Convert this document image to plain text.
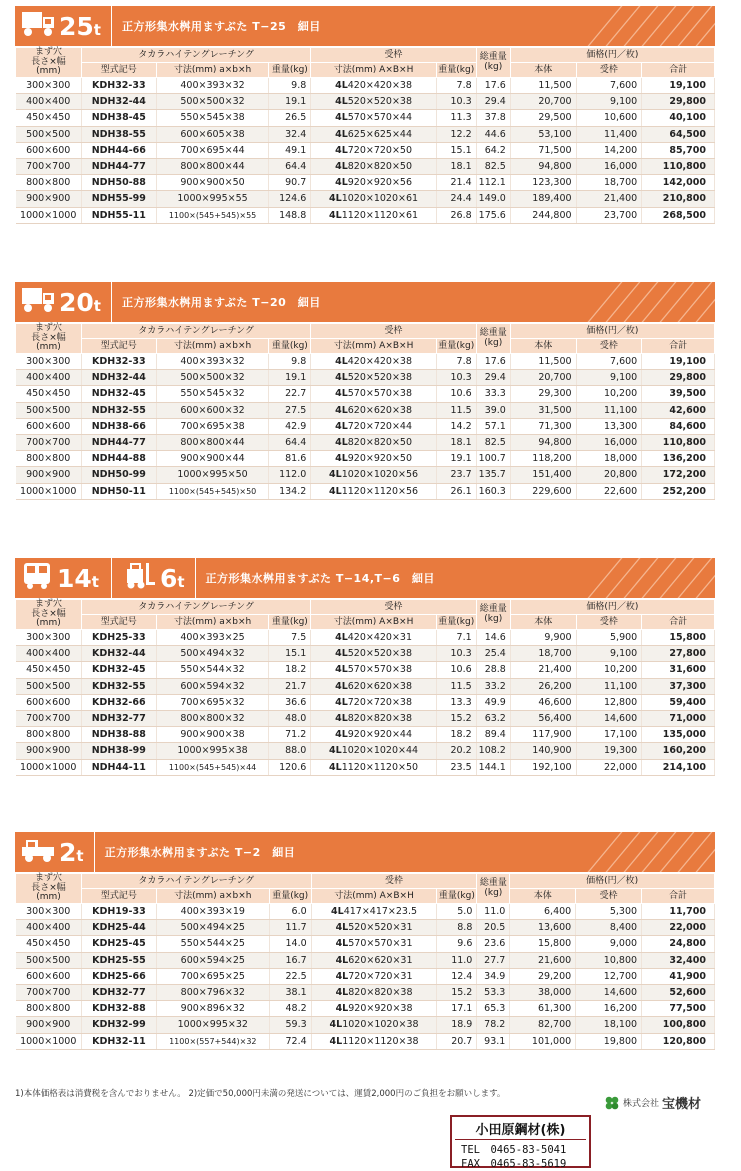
25t 正方形集水桝用ますぶた T−25　細目
まず穴
長さ×幅
(mm)	タカラハイテングレーチング			受枠		総重量
(kg)	価格(円／枚)		
	型式記号	寸法(mm) a×b×h	重量(kg)	寸法(mm) A×B×H	重量(kg)		本体	受枠	合計
300×300	KDH32-33	400×393×32	9.8	4L420×420×38	7.8	17.6	11,500	7,600	19,100
400×400	NDH32-44	500×500×32	19.1	4L520×520×38	10.3	29.4	20,700	9,100	29,800
450×450	NDH38-45	550×545×38	26.5	4L570×570×44	11.3	37.8	29,500	10,600	40,100
500×500	NDH38-55	600×605×38	32.4	4L625×625×44	12.2	44.6	53,100	11,400	64,500
600×600	NDH44-66	700×695×44	49.1	4L720×720×50	15.1	64.2	71,500	14,200	85,700
700×700	NDH44-77	800×800×44	64.4	4L820×820×50	18.1	82.5	94,800	16,000	110,800
800×800	NDH50-88	900×900×50	90.7	4L920×920×56	21.4	112.1	123,300	18,700	142,000
900×900	NDH55-99	1000×995×55	124.6	4L1020×1020×61	24.4	149.0	189,400	21,400	210,800
1000×1000	NDH55-11	1100×(545+545)×55	148.8	4L1120×1120×61	26.8	175.6	244,800	23,700	268,500
20t 正方形集水桝用ますぶた T−20　細目
まず穴
長さ×幅
(mm)	タカラハイテングレーチング			受枠		総重量
(kg)	価格(円／枚)		
	型式記号	寸法(mm) a×b×h	重量(kg)	寸法(mm) A×B×H	重量(kg)		本体	受枠	合計
300×300	KDH32-33	400×393×32	9.8	4L420×420×38	7.8	17.6	11,500	7,600	19,100
400×400	NDH32-44	500×500×32	19.1	4L520×520×38	10.3	29.4	20,700	9,100	29,800
450×450	NDH32-45	550×545×32	22.7	4L570×570×38	10.6	33.3	29,300	10,200	39,500
500×500	NDH32-55	600×600×32	27.5	4L620×620×38	11.5	39.0	31,500	11,100	42,600
600×600	NDH38-66	700×695×38	42.9	4L720×720×44	14.2	57.1	71,300	13,300	84,600
700×700	NDH44-77	800×800×44	64.4	4L820×820×50	18.1	82.5	94,800	16,000	110,800
800×800	NDH44-88	900×900×44	81.6	4L920×920×50	19.1	100.7	118,200	18,000	136,200
900×900	NDH50-99	1000×995×50	112.0	4L1020×1020×56	23.7	135.7	151,400	20,800	172,200
1000×1000	NDH50-11	1100×(545+545)×50	134.2	4L1120×1120×56	26.1	160.3	229,600	22,600	252,200
14t 6t 正方形集水桝用ますぶた T−14,T−6　細目
まず穴
長さ×幅
(mm)	タカラハイテングレーチング			受枠		総重量
(kg)	価格(円／枚)		
	型式記号	寸法(mm) a×b×h	重量(kg)	寸法(mm) A×B×H	重量(kg)		本体	受枠	合計
300×300	KDH25-33	400×393×25	7.5	4L420×420×31	7.1	14.6	9,900	5,900	15,800
400×400	KDH32-44	500×494×32	15.1	4L520×520×38	10.3	25.4	18,700	9,100	27,800
450×450	KDH32-45	550×544×32	18.2	4L570×570×38	10.6	28.8	21,400	10,200	31,600
500×500	KDH32-55	600×594×32	21.7	4L620×620×38	11.5	33.2	26,200	11,100	37,300
600×600	KDH32-66	700×695×32	36.6	4L720×720×38	13.3	49.9	46,600	12,800	59,400
700×700	NDH32-77	800×800×32	48.0	4L820×820×38	15.2	63.2	56,400	14,600	71,000
800×800	NDH38-88	900×900×38	71.2	4L920×920×44	18.2	89.4	117,900	17,100	135,000
900×900	NDH38-99	1000×995×38	88.0	4L1020×1020×44	20.2	108.2	140,900	19,300	160,200
1000×1000	NDH44-11	1100×(545+545)×44	120.6	4L1120×1120×50	23.5	144.1	192,100	22,000	214,100
2t 正方形集水桝用ますぶた T−2　細目
まず穴
長さ×幅
(mm)	タカラハイテングレーチング			受枠		総重量
(kg)	価格(円／枚)		
	型式記号	寸法(mm) a×b×h	重量(kg)	寸法(mm) A×B×H	重量(kg)		本体	受枠	合計
300×300	KDH19-33	400×393×19	6.0	4L417×417×23.5	5.0	11.0	6,400	5,300	11,700
400×400	KDH25-44	500×494×25	11.7	4L520×520×31	8.8	20.5	13,600	8,400	22,000
450×450	KDH25-45	550×544×25	14.0	4L570×570×31	9.6	23.6	15,800	9,000	24,800
500×500	KDH25-55	600×594×25	16.7	4L620×620×31	11.0	27.7	21,600	10,800	32,400
600×600	KDH25-66	700×695×25	22.5	4L720×720×31	12.4	34.9	29,200	12,700	41,900
700×700	KDH32-77	800×796×32	38.1	4L820×820×38	15.2	53.3	38,000	14,600	52,600
800×800	KDH32-88	900×896×32	48.2	4L920×920×38	17.1	65.3	61,300	16,200	77,500
900×900	KDH32-99	1000×995×32	59.3	4L1020×1020×38	18.9	78.2	82,700	18,100	100,800
1000×1000	KDH32-11	1100×(557+544)×32	72.4	4L1120×1120×38	20.7	93.1	101,000	19,800	120,800
1)本体価格表は消費税を含んでおりません。 2)定価で50,000円未満の発送については、運賃2,000円のご負担をお願いします。
株式会社 宝機材
小田原鋼材(株)
TEL　0465-83-5041
FAX　0465-83-5619
